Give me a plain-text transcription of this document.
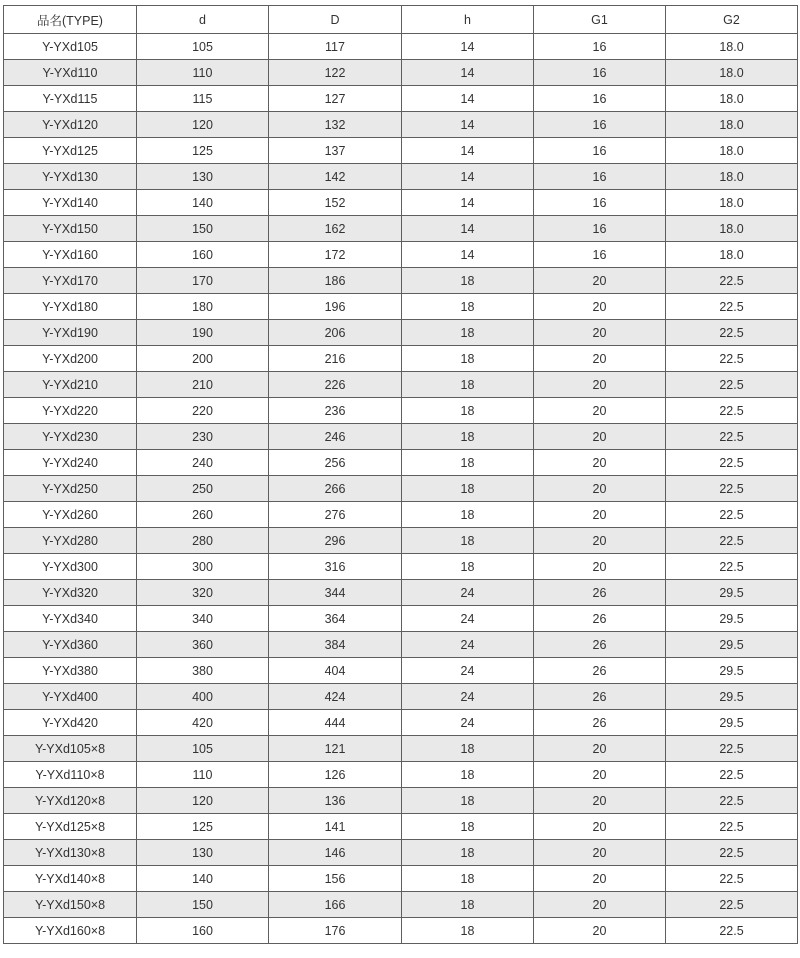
品名(TYPE)	d	D	h	G1	G2
Y-YXd105	105	117	14	16	18.0
Y-YXd110	110	122	14	16	18.0
Y-YXd115	115	127	14	16	18.0
Y-YXd120	120	132	14	16	18.0
Y-YXd125	125	137	14	16	18.0
Y-YXd130	130	142	14	16	18.0
Y-YXd140	140	152	14	16	18.0
Y-YXd150	150	162	14	16	18.0
Y-YXd160	160	172	14	16	18.0
Y-YXd170	170	186	18	20	22.5
Y-YXd180	180	196	18	20	22.5
Y-YXd190	190	206	18	20	22.5
Y-YXd200	200	216	18	20	22.5
Y-YXd210	210	226	18	20	22.5
Y-YXd220	220	236	18	20	22.5
Y-YXd230	230	246	18	20	22.5
Y-YXd240	240	256	18	20	22.5
Y-YXd250	250	266	18	20	22.5
Y-YXd260	260	276	18	20	22.5
Y-YXd280	280	296	18	20	22.5
Y-YXd300	300	316	18	20	22.5
Y-YXd320	320	344	24	26	29.5
Y-YXd340	340	364	24	26	29.5
Y-YXd360	360	384	24	26	29.5
Y-YXd380	380	404	24	26	29.5
Y-YXd400	400	424	24	26	29.5
Y-YXd420	420	444	24	26	29.5
Y-YXd105×8	105	121	18	20	22.5
Y-YXd110×8	110	126	18	20	22.5
Y-YXd120×8	120	136	18	20	22.5
Y-YXd125×8	125	141	18	20	22.5
Y-YXd130×8	130	146	18	20	22.5
Y-YXd140×8	140	156	18	20	22.5
Y-YXd150×8	150	166	18	20	22.5
Y-YXd160×8	160	176	18	20	22.5
